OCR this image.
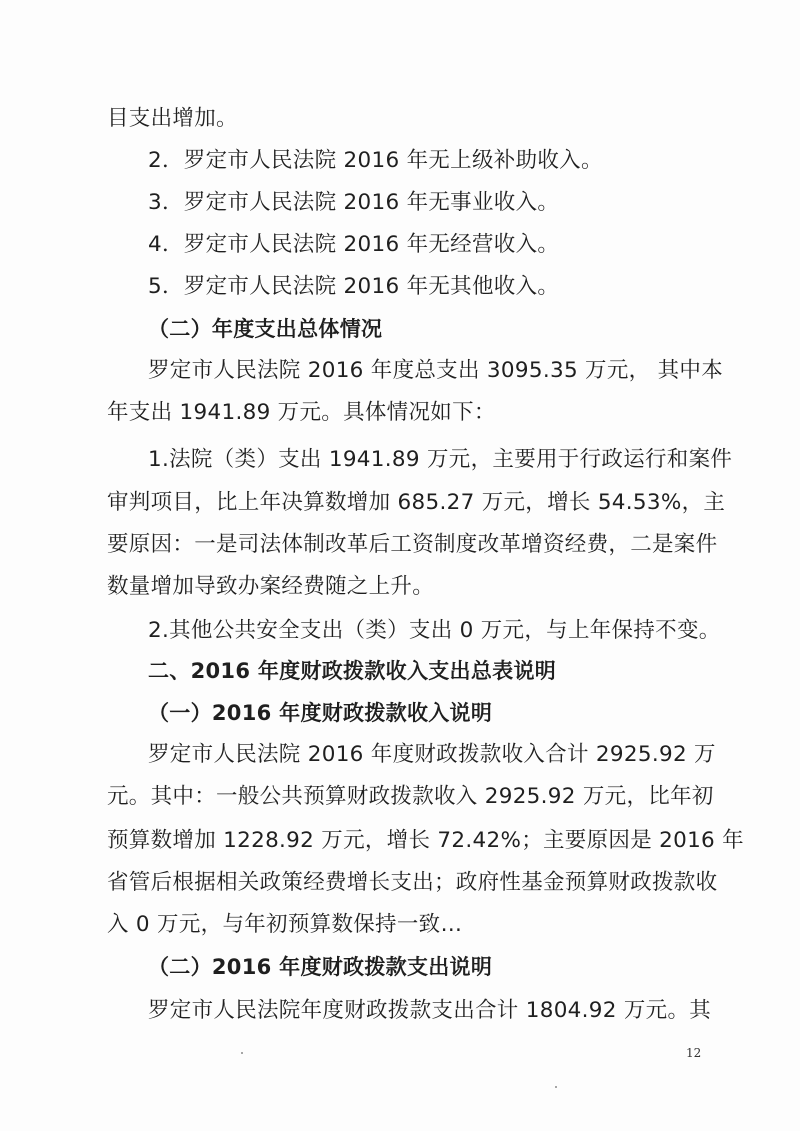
目支出增加。
2．罗定市人民法院 2016 年无上级补助收入。
3．罗定市人民法院 2016 年无事业收入。
4．罗定市人民法院 2016 年无经营收入。
5．罗定市人民法院 2016 年无其他收入。
（二）年度支出总体情况
罗定市人民法院 2016 年度总支出 3095.35 万元， 其中本
年支出 1941.89 万元。具体情况如下：
1.法院（类）支出 1941.89 万元，主要用于行政运行和案件
审判项目，比上年决算数增加 685.27 万元，增长 54.53%，主
要原因：一是司法体制改革后工资制度改革增资经费，二是案件
数量增加导致办案经费随之上升。
2.其他公共安全支出（类）支出 0 万元，与上年保持不变。
二、2016 年度财政拨款收入支出总表说明
（一）2016 年度财政拨款收入说明
罗定市人民法院 2016 年度财政拨款收入合计 2925.92 万
元。其中：一般公共预算财政拨款收入 2925.92 万元，比年初
预算数增加 1228.92 万元，增长 72.42%；主要原因是 2016 年
省管后根据相关政策经费增长支出；政府性基金预算财政拨款收
入 0 万元，与年初预算数保持一致…
（二）2016 年度财政拨款支出说明
罗定市人民法院年度财政拨款支出合计 1804.92 万元。其
12
